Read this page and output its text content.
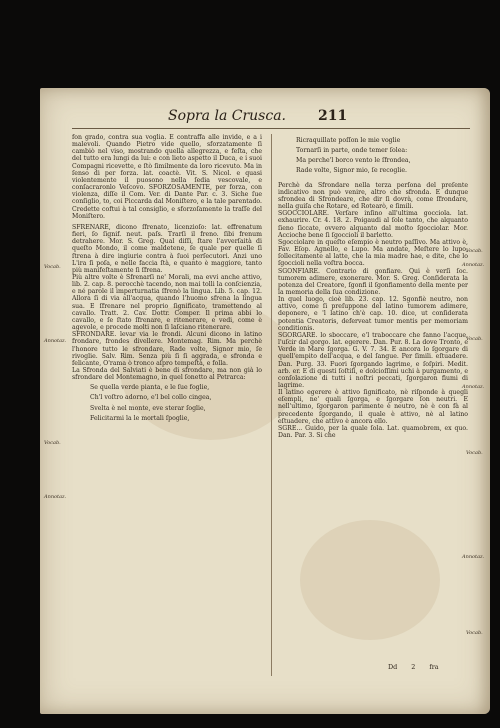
Sopra la Crusca.	211

fon grado, contra sua voglia. E contraffa alle invide, e a i malevoli. Quando Pietro vide quello, sforzatamente ſi cambiò nel viso, mostrando quella allegrezza, e feſta, che del tutto era lungi da lui: e con lieto aspetto il Duca, e i suoi Compagni ricevette, e ſtò ſimilmente da loro ricevuto. Ma in ſenso di per forza. lat. coactè. Vit. S. Nicol. e quasi violentemente il puosono nella ſedia vescovale, e conſacraronlo Veſcovo. SFORZOSAMENTE, per forza, con violenza, diſſe il Com. Ver. di Dante Par. c. 3. Siche ſue conſiglio, to, coi Piccarda dal Moniſtero, e la tale parentado. Credette coftui à tal consiglio, e sforzoſamente la traſſe del Moniſtero.

SFRENARE, dicono ſfrenato, licenzioſo: lat. effrenatum fieri, ſo ſignif. neut. paſs. Trarſi il freno. ſibi frenum detrahere. Mor. S. Greg. Qual diſſi, ſtare l'avverſaità di queſto Mondo, il come maldetene, ſe quale per quelle ſi ſtrena à dire ingiurie contra à ſuoi perſecutori. Anzi uno L'ira ſi poſa, e nelle faccia ſtà, e quanto è maggiore, tanto più manifeſtamente ſi ſfrena.

Più altre volte è Sfrenarſi ne' Morali, ma evvi anche attivo, lib. 2. cap. 8. perocchè tacendo, non mai tolli la conſcienzia, e né parole il imperturnatia ſfrenò la lingua. Lib. 5. cap. 12. Allora ſi di via all'acqua, quando l'huomo sfrena la lingua sua. E ſfrenare nel proprio ſignificato, tramettendo al cavallo. Tratt. 2. Cav. Dottr. Comper. Il prima abbi lo cavallo, e ſe ſtato ſfrenare, e ritenerare, e vedi, come è agevole, e procede molti non ſi laſciano ritenerare.

SFRONDARE. levar via le frondi. Alcuni dicono in latino frondare, frondes divellere. Montemag. Rim. Ma perchè l'honore tutto le sfrondare, Rade volte, Signor mio, ſe rivoglie. Salv. Rim. Senza più ſi ſi aggrada, e sfronda e felicante, O'rama ò tronco aſpro tempeſtà, e folla.

La Sfronda del Salviati è bene di sfrondare, ma non già lo sfrondare del Montemagno, in quel ſonetto al Petrarca:

Se quella verde pianta, e le ſue foglie,

Ch'l voſtro adorno, e'l bel collo cingea,

Svelta è nel monte, eve sterar ſoglie,

Felicitarmi la le mortali ſpoglie,

Ricraquillate poſſon le mie voglie

Tornarſi in parte, onde temer ſolea:

Ma perche'l borco vento le ſfrondea,

Rade volte, Signor mio, ſe recoglie.

Perchè da Sfrondare nella terza perſona del preſente indicativo non può venire, altro che sfronda. E dunque sfrondea di Sfrondeare, che dir ſi dovrà, come ſfrondare, nella guiſa che Rotare, ed Rotearò, e ſimili.

SGOCCIOLARE. Verſare inſino all'ultima gocciola. lat. exhaurire. Cr. 4. 18. 2. Poigaudi al ſole tanto, che alquanto ſieno ſiccate, ovvero alquanto dal moſto ſgocciolar. Mor. Accioche bene ſi ſgoccioli il barletto.

Sgocciolare in queſto eſempio è neutro paſſivo. Ma attivo è, Fav. Eſop. Agnello, e Lupo. Ma andate, Meſtere lo lupo, ſollecitamente al latte, che la mia madre hae, e dite, che lo ſgoccioli nella voſtra bocca.

SGONFIARE. Contrario di gonfiare. Qui è verſi ſoc. tumorem adimere, exonerare. Mor. S. Greg. Conſiderata la potenza del Creatore, ſgonfi il ſgonfiamento della mente per la memoria della ſua condizione.

In quel luogo, cioè lib. 23. cap. 12. Sgonfiè neutro, non attivo, come ſi preſuppone del latino tumorem adimere, deponere, e 'l latino ch'è cap. 10. dice, ut conſiderata potentia Creatoris, deferveat tumor mentis per memoriam conditionis.

SGORGARE. lo sboccare, e'l traboccare che fanno l'acque, l'uſcir dal gorgo. lat. egerere. Dan. Pur. 8. La dove Tronto, e Verde in Mare ſgorga. G. V. 7. 34. E ancora lo ſgorgare di quell'empito dell'acqua, e del ſangue. Per ſimili. eſtuadere. Dan. Purg. 33. Fuori ſgorgando lagrime, e ſoſpiri. Medit. arb. er. E di questi ſoſtiſi, e dolcioſſimi uchi à purgamento, e conſolazione di tutti i noſtri peccati, ſgorgaron fiumi di lagrime.

Il latino egerere è attivo ſignificato, nè riſponde à quegli eſempli, ne' quali ſgorga, e ſgorgare ſon neutri. E nell'ultimo, ſgorgaron parimente è neutro, nè è con fà al precedente ſgorgando, il quale è attivo, nè al latino eſtuadere, che attivo è ancora ello.

SGRE... Guido, per la quale ſola. Lat. quamobrem, ex quo. Dan. Par. 3. Si che

Vocab.
Annotaz.
Vocab.
Annotaz.
Vocab.
Annotaz.
Vocab.
Annotaz.
Vocab.
Annotaz.
Vocab.
Dd 2 fra
